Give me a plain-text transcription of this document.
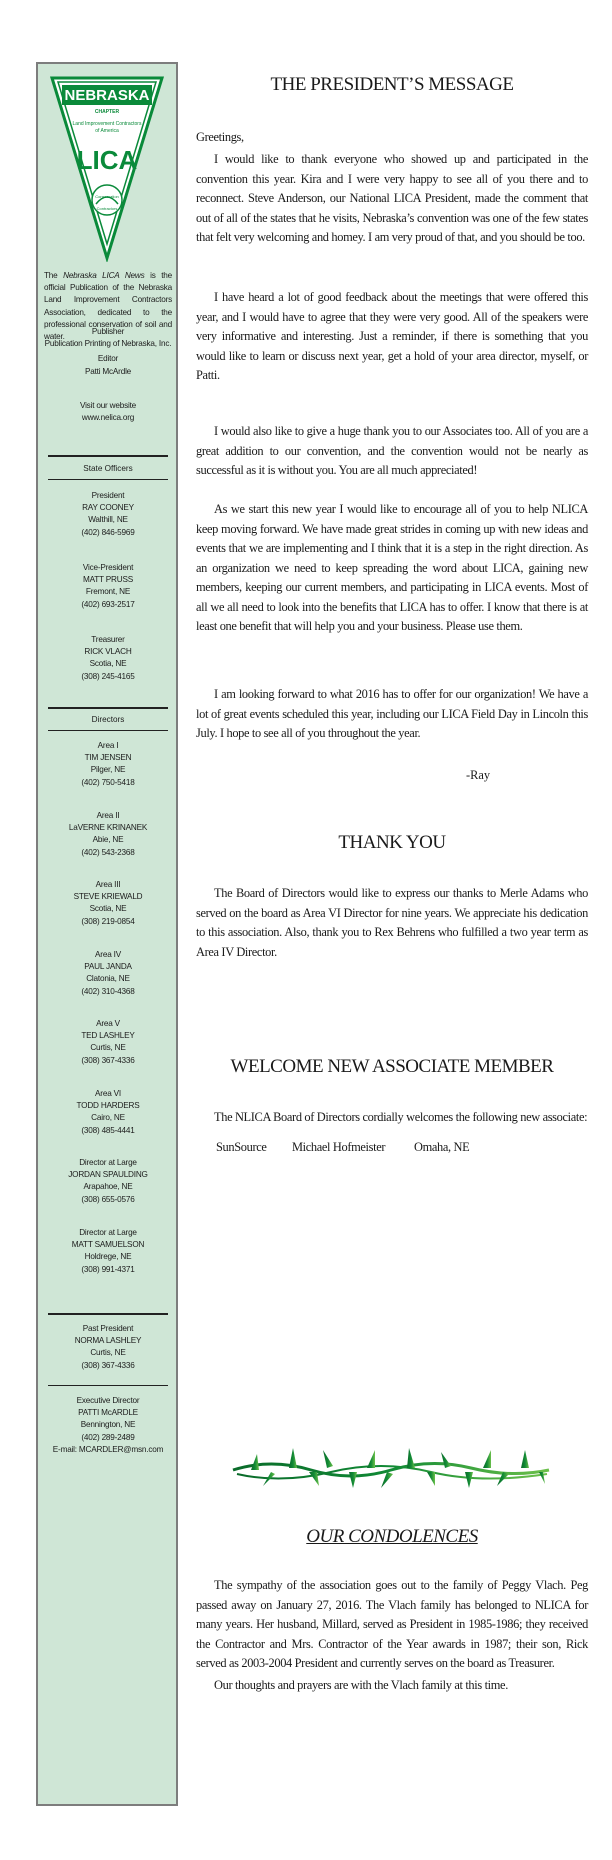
NEBRASKA
CHAPTER
Land Improvement Contractors
of America
LICA
Conservation
Contractors
The Nebraska LICA News is the official Publication of the Nebraska Land Improvement Contractors Association, dedicated to the professional conservation of soil and water.
Publisher
Publication Printing of Nebraska, Inc.
Editor
Patti McArdle
Visit our website
www.nelica.org
State Officers
President
RAY COONEY
Walthill, NE
(402) 846-5969
Vice-President
MATT PRUSS
Fremont, NE
(402) 693-2517
Treasurer
RICK VLACH
Scotia, NE
(308) 245-4165
Directors
Area I
TIM JENSEN
Pilger, NE
(402) 750-5418
Area II
LaVERNE KRINANEK
Abie, NE
(402) 543-2368
Area III
STEVE KRIEWALD
Scotia, NE
(308) 219-0854
Area IV
PAUL JANDA
Clatonia, NE
(402) 310-4368
Area V
TED LASHLEY
Curtis, NE
(308) 367-4336
Area VI
TODD HARDERS
Cairo, NE
(308) 485-4441
Director at Large
JORDAN SPAULDING
Arapahoe, NE
(308) 655-0576
Director at Large
MATT SAMUELSON
Holdrege, NE
(308) 991-4371
Past President
NORMA LASHLEY
Curtis, NE
(308) 367-4336
Executive Director
PATTI McARDLE
Bennington, NE
(402) 289-2489
E-mail: MCARDLER@msn.com
THE PRESIDENT’S MESSAGE

Greetings,

I would like to thank everyone who showed up and participated in the convention this year. Kira and I were very happy to see all of you there and to reconnect. Steve Anderson, our National LICA President, made the comment that out of all of the states that he visits, Nebraska’s convention was one of the few states that felt very welcoming and homey. I am very proud of that, and you should be too.

I have heard a lot of good feedback about the meetings that were offered this year, and I would have to agree that they were very good. All of the speakers were very informative and interesting. Just a reminder, if there is something that you would like to learn or discuss next year, get a hold of your area director, myself, or Patti.

I would also like to give a huge thank you to our Associates too. All of you are a great addition to our convention, and the convention would not be nearly as successful as it is without you. You are all much appreciated!

As we start this new year I would like to encourage all of you to help NLICA keep moving forward. We have made great strides in coming up with new ideas and events that we are implementing and I think that it is a step in the right direction. As an organization we need to keep spreading the word about LICA, gaining new members, keeping our current members, and participating in LICA events. Most of all we all need to look into the benefits that LICA has to offer. I know that there is at least one benefit that will help you and your business. Please use them.

I am looking forward to what 2016 has to offer for our organization! We have a lot of great events scheduled this year, including our LICA Field Day in Lincoln this July. I hope to see all of you throughout the year.

-Ray
THANK YOU

The Board of Directors would like to express our thanks to Merle Adams who served on the board as Area VI Director for nine years. We appreciate his dedication to this association. Also, thank you to Rex Behrens who fulfilled a two year term as Area IV Director.

WELCOME NEW ASSOCIATE MEMBER

The NLICA Board of Directors cordially welcomes the following new associate:

SunSource Michael Hofmeister Omaha, NE
OUR CONDOLENCES

The sympathy of the association goes out to the family of Peggy Vlach. Peg passed away on January 27, 2016. The Vlach family has belonged to NLICA for many years. Her husband, Millard, served as President in 1985-1986; they received the Contractor and Mrs. Contractor of the Year awards in 1987; their son, Rick served as 2003-2004 President and currently serves on the board as Treasurer.

Our thoughts and prayers are with the Vlach family at this time.
